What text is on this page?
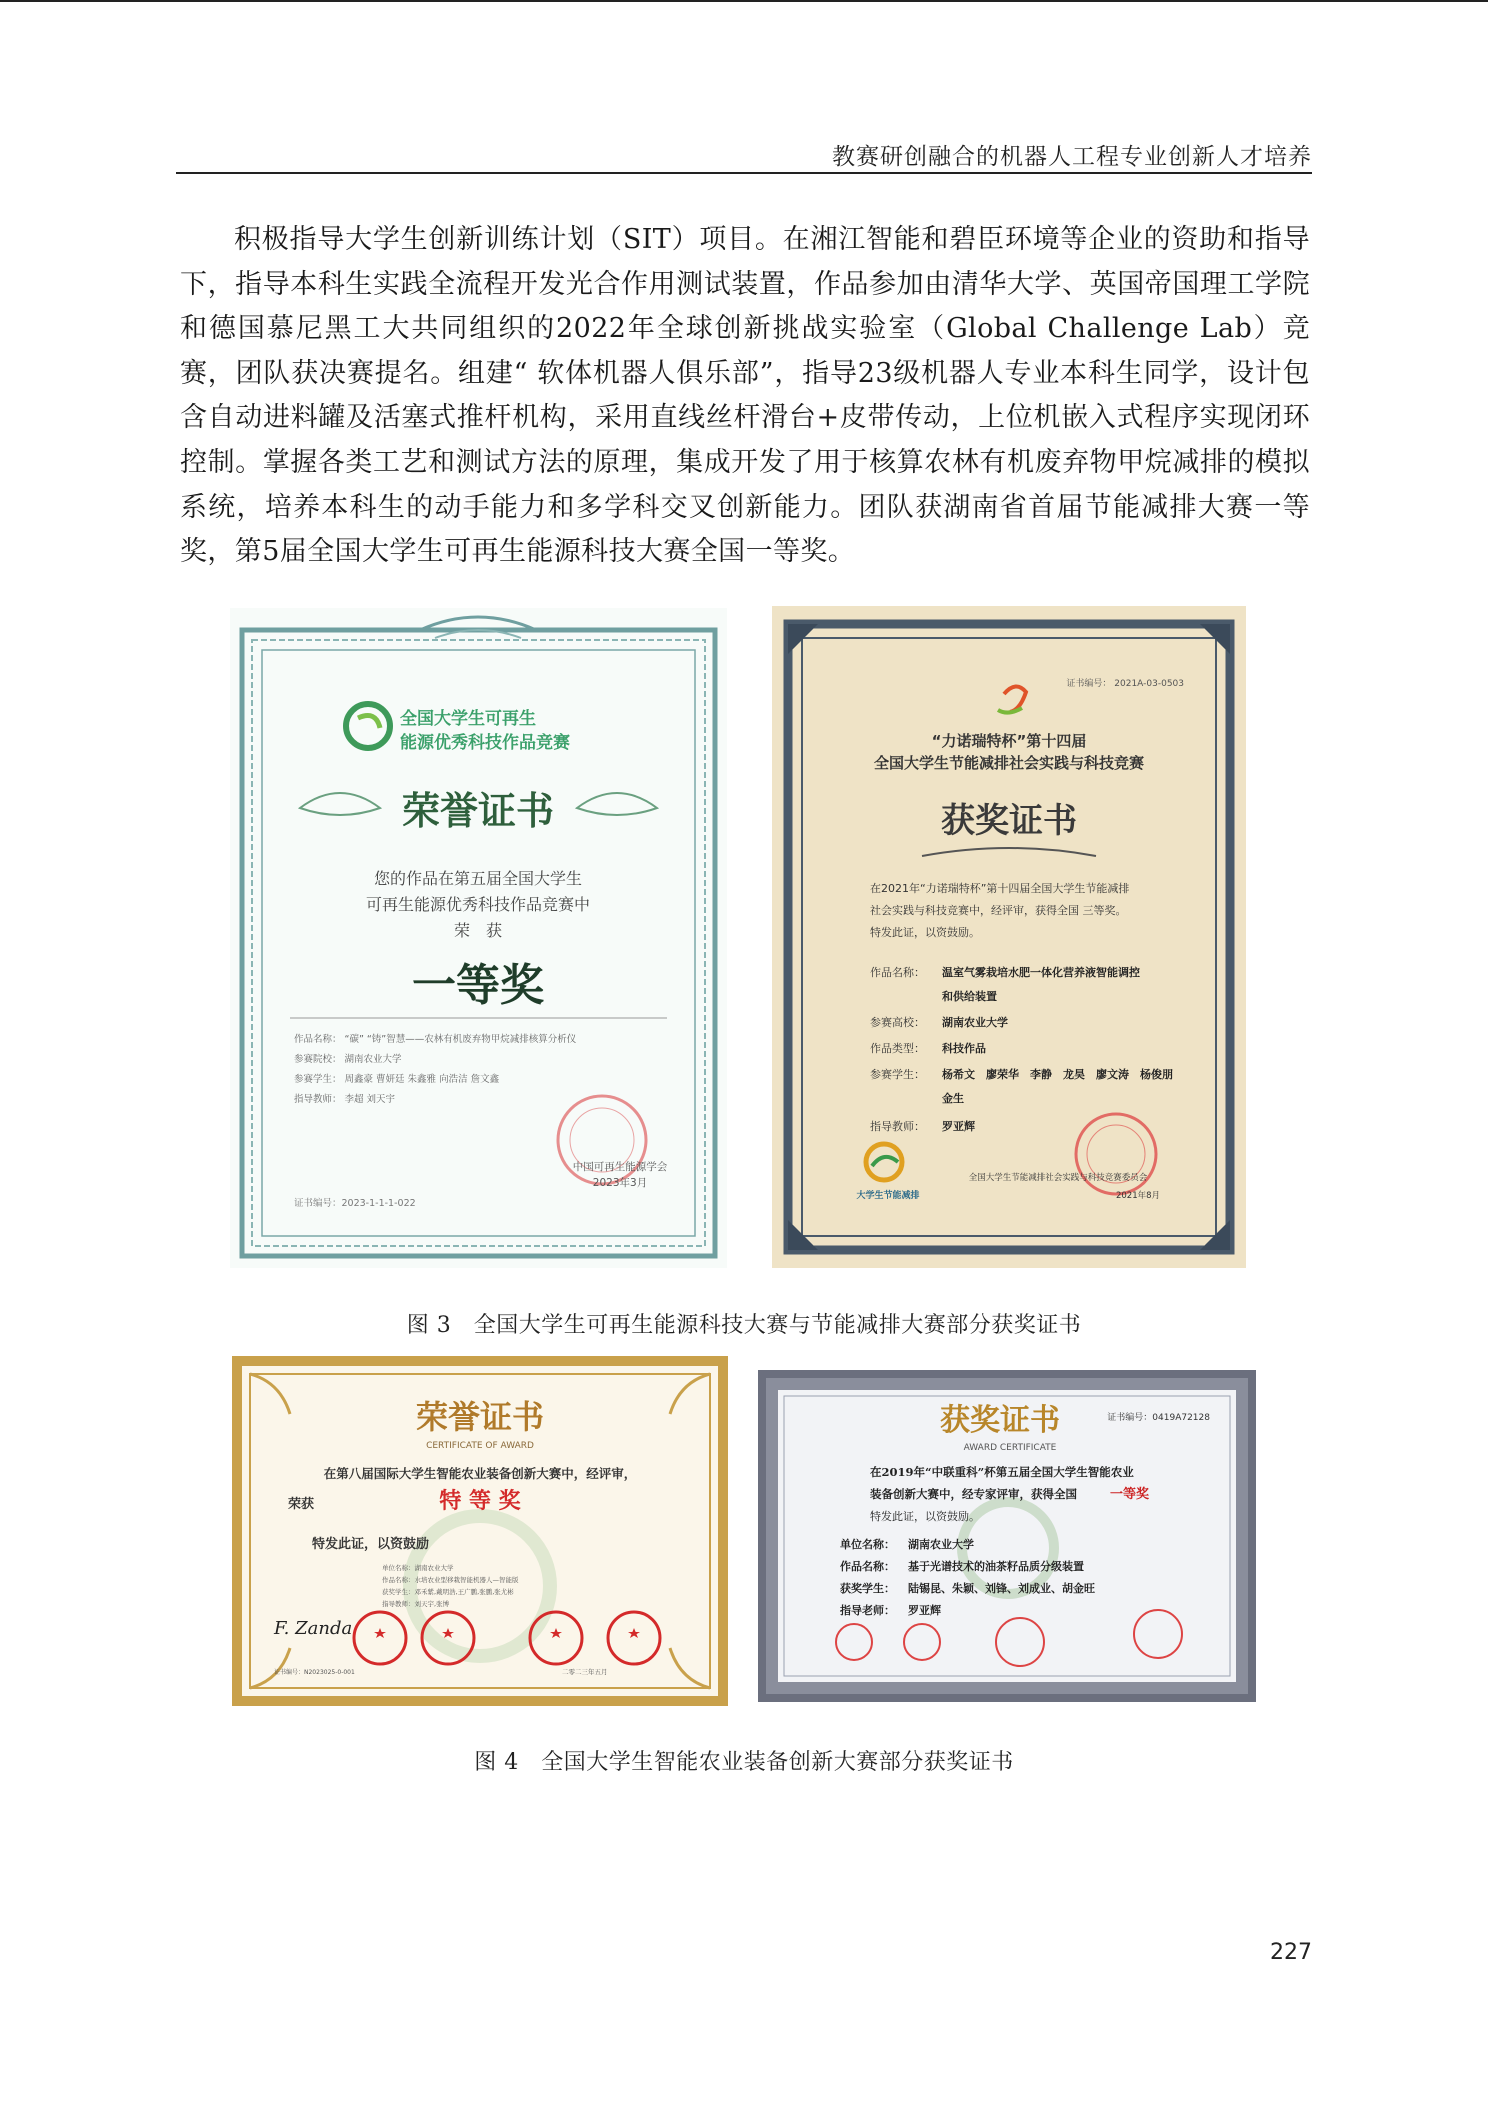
教赛研创融合的机器人工程专业创新人才培养

积极指导大学生创新训练计划（SIT）项目。在湘江智能和碧臣环境等企业的资助和指导下，指导本科生实践全流程开发光合作用测试装置，作品参加由清华大学、英国帝国理工学院和德国慕尼黑工大共同组织的2022年全球创新挑战实验室（Global Challenge Lab）竞赛，团队获决赛提名。组建“ 软体机器人俱乐部”，指导23级机器人专业本科生同学，设计包含自动进料罐及活塞式推杆机构，采用直线丝杆滑台+皮带传动，上位机嵌入式程序实现闭环控制。掌握各类工艺和测试方法的原理，集成开发了用于核算农林有机废弃物甲烷减排的模拟系统，培养本科生的动手能力和多学科交叉创新能力。团队获湖南省首届节能减排大赛一等奖，第5届全国大学生可再生能源科技大赛全国一等奖。

全国大学生可再生
能源优秀科技作品竞赛
荣誉证书
您的作品在第五届全国大学生
可再生能源优秀科技作品竞赛中
荣　获
一等奖
作品名称： “碳” “铸”智慧——农林有机废弃物甲烷减排核算分析仪
参赛院校： 湖南农业大学
参赛学生： 周鑫豪 曹妍廷 朱鑫雅 向浩洁 詹文鑫
指导教师： 李超 刘天宇
中国可再生能源学会
2023年3月
证书编号：2023-1-1-1-022
证书编号： 2021A-03-0503
“力诺瑞特杯”第十四届
全国大学生节能减排社会实践与科技竞赛
获奖证书
在2021年“力诺瑞特杯”第十四届全国大学生节能减排
社会实践与科技竞赛中，经评审，获得全国 三等奖。
特发此证，以资鼓励。
作品名称： 温室气雾栽培水肥一体化营养液智能调控
和供给装置
参赛高校： 湖南农业大学
作品类型： 科技作品
参赛学生： 杨希文　廖荣华　李静　龙昊　廖文涛　杨俊朋
金生
指导教师： 罗亚辉
大学生节能减排
全国大学生节能减排社会实践与科技竞赛委员会
2021年8月
图 3　全国大学生可再生能源科技大赛与节能减排大赛部分获奖证书
荣誉证书
CERTIFICATE OF AWARD
在第八届国际大学生智能农业装备创新大赛中，经评审，
荣获	特 等 奖
特发此证，以资鼓励
单位名称：湖南农业大学
作品名称：水培农业型移栽智能机器人—智能版
获奖学生：邓禾紫,戴明浩,王广鹏,张鹏,张尤彬
指导教师：刘天宇,张博
F. Zanda
二零二三年五月
证书编号：N2023025-0-001
获奖证书
AWARD CERTIFICATE
证书编号：0419A72128
在2019年“中联重科”杯第五届全国大学生智能农业
装备创新大赛中，经专家评审，获得全国	一等奖
特发此证，以资鼓励。
单位名称： 湖南农业大学
作品名称： 基于光谱技术的油茶籽品质分级装置
获奖学生： 陆锡昆、朱颖、刘锋、刘成业、胡金旺
指导老师： 罗亚辉
图 4　全国大学生智能农业装备创新大赛部分获奖证书
227
